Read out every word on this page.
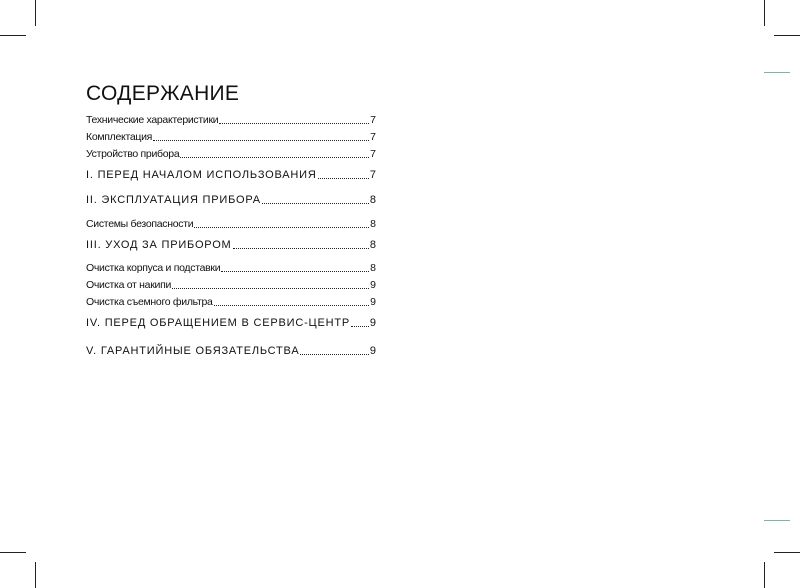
СОДЕРЖАНИЕ
Технические характеристики	7
Комплектация	7
Устройство прибора	7
I. ПЕРЕД НАЧАЛОМ ИСПОЛЬЗОВАНИЯ	7
II. ЭКСПЛУАТАЦИЯ ПРИБОРА	8
Системы безопасности	8
III. УХОД ЗА ПРИБОРОМ	8
Очистка корпуса и подставки	8
Очистка от накипи	9
Очистка съемного фильтра	9
IV. ПЕРЕД ОБРАЩЕНИЕМ В СЕРВИС-ЦЕНТР 9
V. ГАРАНТИЙНЫЕ ОБЯЗАТЕЛЬСТВА	9
